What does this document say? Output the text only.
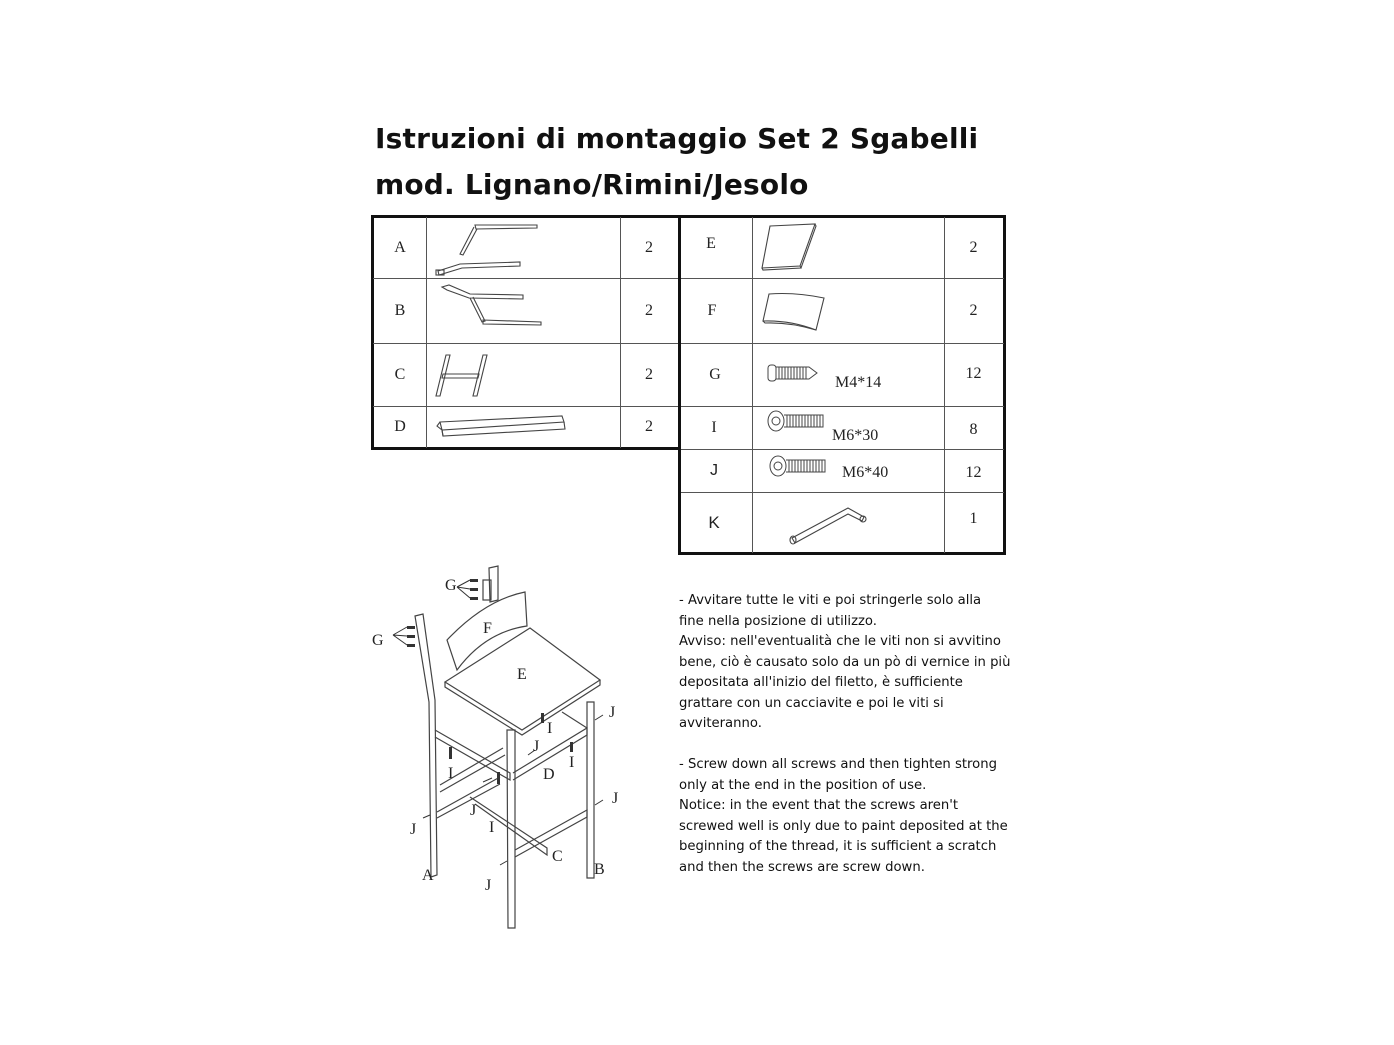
Istruzioni di montaggio Set 2 Sgabelli
mod. Lignano/Rimini/Jesolo
A
B
C
D
2
2
2
2
E
F
G
I
J
K
2
2
12
8
12
1
M4*14
M6*30
M6*40
G
G
F
E
I
I
I
I
J
J
J
J
J
J
D
C
A	B

- Avvitare tutte le viti e poi stringerle solo alla

fine nella posizione di utilizzo.

Avviso: nell'eventualità che le viti non si avvitino

bene, ciò è causato solo da un pò di vernice in più

depositata all'inizio del filetto, è sufficiente

grattare con un cacciavite e poi le viti si

avviteranno.

- Screw down all screws and then tighten strong

only at the end in the position of use.

Notice: in the event that the screws aren't

screwed well is only due to paint deposited at the

beginning of the thread, it is sufficient a scratch

and then the screws are screw down.
